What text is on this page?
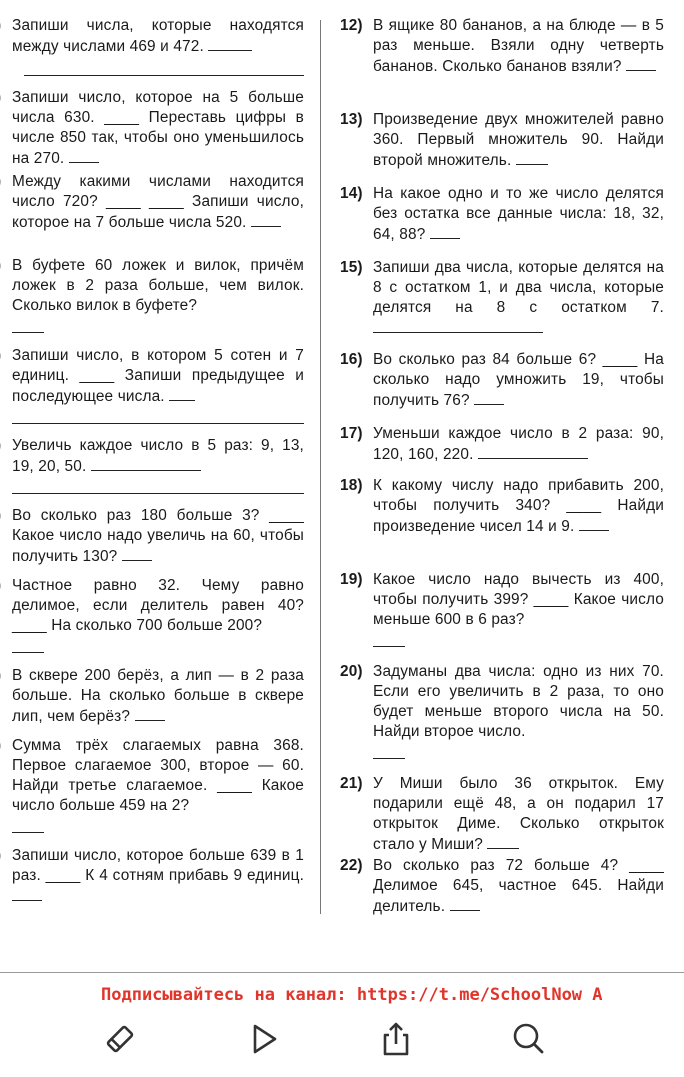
Запиши числа, которые находятся между числами 469 и 472.
Запиши число, которое на 5 больше числа 630. ____ Переставь цифры в числе 850 так, чтобы оно уменьшилось на 270.
Между какими числами находится число 720? ____ ____ Запиши число, которое на 7 больше числа 520.
В буфете 60 ложек и вилок, причём ложек в 2 раза больше, чем вилок. Сколько вилок в буфете?
Запиши число, в котором 5 сотен и 7 единиц. ____ Запиши предыдущее и последующее числа.
Увеличь каждое число в 5 раз: 9, 13, 19, 20, 50.
Во сколько раз 180 больше 3? ____ Какое число надо увеличь на 60, чтобы получить 130?
Частное равно 32. Чему равно делимое, если делитель равен 40? ____ На сколько 700 больше 200?
В сквере 200 берёз, а лип — в 2 раза больше. На сколько больше в сквере лип, чем берёз?
Сумма трёх слагаемых равна 368. Первое слагаемое 300, второе — 60. Найди третье слагаемое. ____ Какое число больше 459 на 2?
Запиши число, которое больше 639 в 1 раз. ____ К 4 сотням прибавь 9 единиц.
12) В ящике 80 бананов, а на блюде — в 5 раз меньше. Взяли одну четверть бананов. Сколько бананов взяли?
13) Произведение двух множителей равно 360. Первый множитель 90. Найди второй множитель.
14) На какое одно и то же число делятся без остатка все данные числа: 18, 32, 64, 88?
15) Запиши два числа, которые делятся на 8 с остатком 1, и два числа, которые делятся на 8 с остатком 7.
16) Во сколько раз 84 больше 6? ____ На сколько надо умножить 19, чтобы получить 76?
17) Уменьши каждое число в 2 раза: 90, 120, 160, 220.
18) К какому числу надо прибавить 200, чтобы получить 340? ____ Найди произведение чисел 14 и 9.
19) Какое число надо вычесть из 400, чтобы получить 399? ____ Какое число меньше 600 в 6 раз?
20) Задуманы два числа: одно из них 70. Если его увеличить в 2 раза, то оно будет меньше второго числа на 50. Найди второе число.
21) У Миши было 36 открыток. Ему подарили ещё 48, а он подарил 17 открыток Диме. Сколько открыток стало у Миши?
22) Во сколько раз 72 больше 4? ____ Делимое 645, частное 645. Найди делитель.
Подписывайтесь на канал: https://t.me/SchoolNow A
